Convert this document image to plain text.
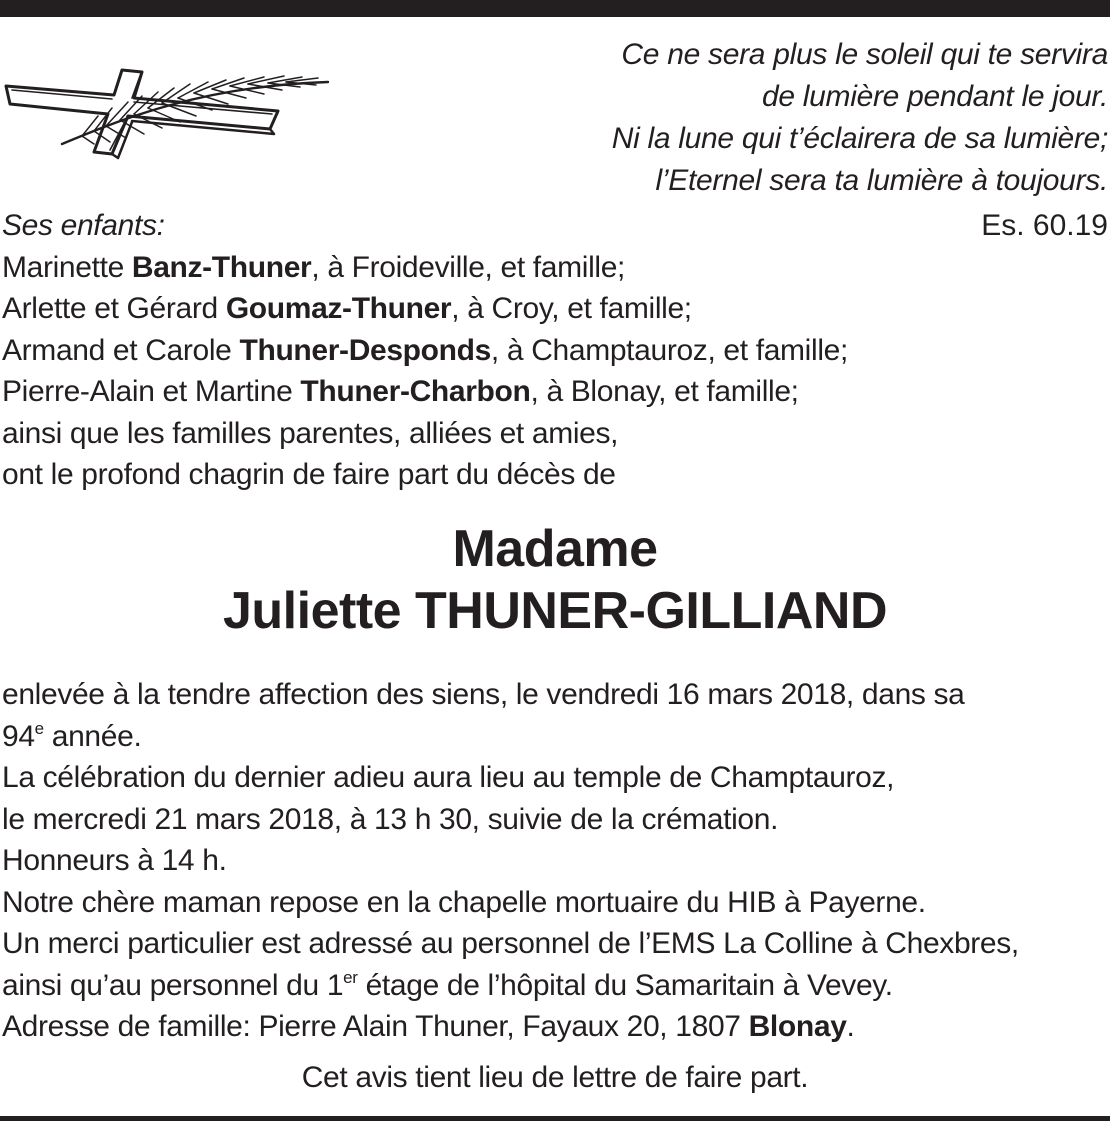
Ce ne sera plus le soleil qui te servira
de lumière pendant le jour.
Ni la lune qui t’éclairera de sa lumière;
l’Eternel sera ta lumière à toujours.
Es. 60.19
Ses enfants:
Marinette Banz-Thuner, à Froideville, et famille;
Arlette et Gérard Goumaz-Thuner, à Croy, et famille;
Armand et Carole Thuner-Desponds, à Champtauroz, et famille;
Pierre-Alain et Martine Thuner-Charbon, à Blonay, et famille;
ainsi que les familles parentes, alliées et amies,
ont le profond chagrin de faire part du décès de
Madame
Juliette THUNER-GILLIAND
enlevée à la tendre affection des siens, le vendredi 16 mars 2018, dans sa
94e année.
La célébration du dernier adieu aura lieu au temple de Champtauroz,
le mercredi 21 mars 2018, à 13 h 30, suivie de la crémation.
Honneurs à 14 h.
Notre chère maman repose en la chapelle mortuaire du HIB à Payerne.
Un merci particulier est adressé au personnel de l’EMS La Colline à Chexbres,
ainsi qu’au personnel du 1er étage de l’hôpital du Samaritain à Vevey.
Adresse de famille: Pierre Alain Thuner, Fayaux 20, 1807 Blonay.
Cet avis tient lieu de lettre de faire part.
